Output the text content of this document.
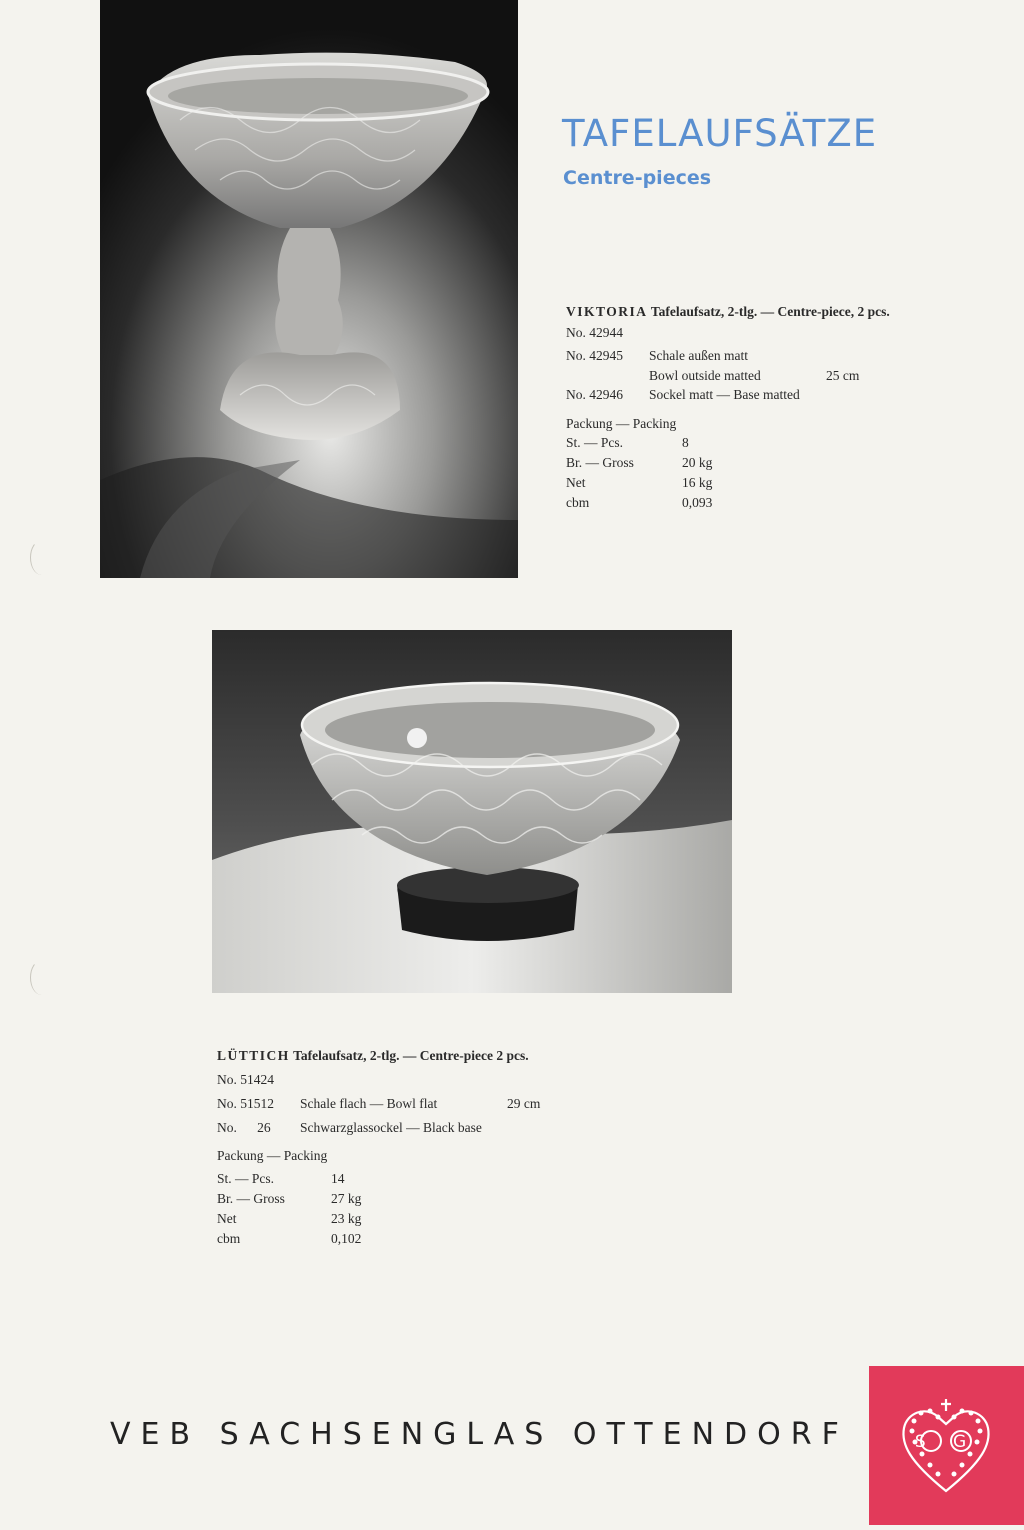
TAFELAUFSÄTZE
Centre-pieces
VIKTORIA Tafelaufsatz, 2-tlg. — Centre-piece, 2 pcs.
No. 42944
No. 42945 Schale außen matt
Bowl outside matted	25 cm
No. 42946 Sockel matt — Base matted
Packung — Packing
St. — Pcs.	8
Br. — Gross	20 kg
Net	16 kg
cbm	0,093
LÜTTICH Tafelaufsatz, 2-tlg. — Centre-piece 2 pcs.
No. 51424
No. 51512 Schale flach — Bowl flat	29 cm
No.      26 Schwarzglassockel — Black base
Packung — Packing
St. — Pcs.	14
Br. — Gross	27 kg
Net	23 kg
cbm	0,102
VEB SACHSENGLAS OTTENDORF	S G
